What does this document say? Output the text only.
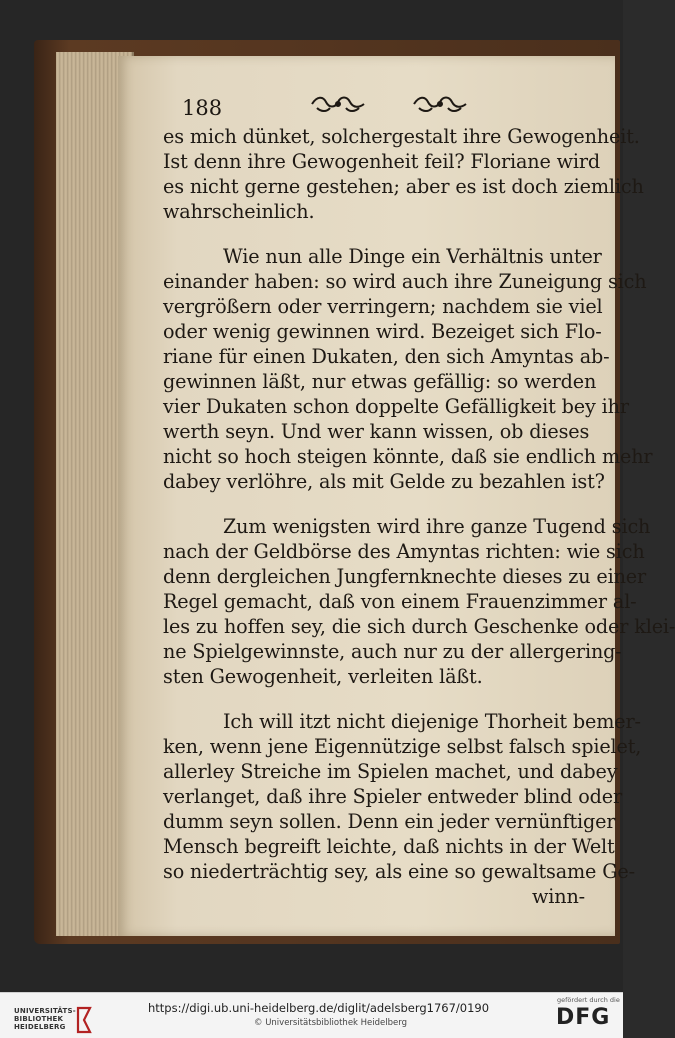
188
es mich dünket, solchergestalt ihre Gewogenheit.
Ist denn ihre Gewogenheit feil? Floriane wird
es nicht gerne gestehen; aber es ist doch ziemlich
wahrscheinlich.
Wie nun alle Dinge ein Verhältnis unter
einander haben: so wird auch ihre Zuneigung sich
vergrößern oder verringern; nachdem sie viel
oder wenig gewinnen wird. Bezeiget sich Flo-
riane für einen Dukaten, den sich Amyntas ab-
gewinnen läßt, nur etwas gefällig: so werden
vier Dukaten schon doppelte Gefälligkeit bey ihr
werth seyn. Und wer kann wissen, ob dieses
nicht so hoch steigen könnte, daß sie endlich mehr
dabey verlöhre, als mit Gelde zu bezahlen ist?
Zum wenigsten wird ihre ganze Tugend sich
nach der Geldbörse des Amyntas richten: wie sich
denn dergleichen Jungfernknechte dieses zu einer
Regel gemacht, daß von einem Frauenzimmer al-
les zu hoffen sey, die sich durch Geschenke oder klei-
ne Spielgewinnste, auch nur zu der allergering-
sten Gewogenheit, verleiten läßt.
Ich will itzt nicht diejenige Thorheit bemer-
ken, wenn jene Eigennützige selbst falsch spielet,
allerley Streiche im Spielen machet, und dabey
verlanget, daß ihre Spieler entweder blind oder
dumm seyn sollen. Denn ein jeder vernünftiger
Mensch begreift leichte, daß nichts in der Welt
so niederträchtig sey, als eine so gewaltsame Ge-
winn-
UNIVERSITÄTS-
BIBLIOTHEK
HEIDELBERG
https://digi.ub.uni-heidelberg.de/diglit/adelsberg1767/0190
© Universitätsbibliothek Heidelberg
gefördert durch die
DFG
